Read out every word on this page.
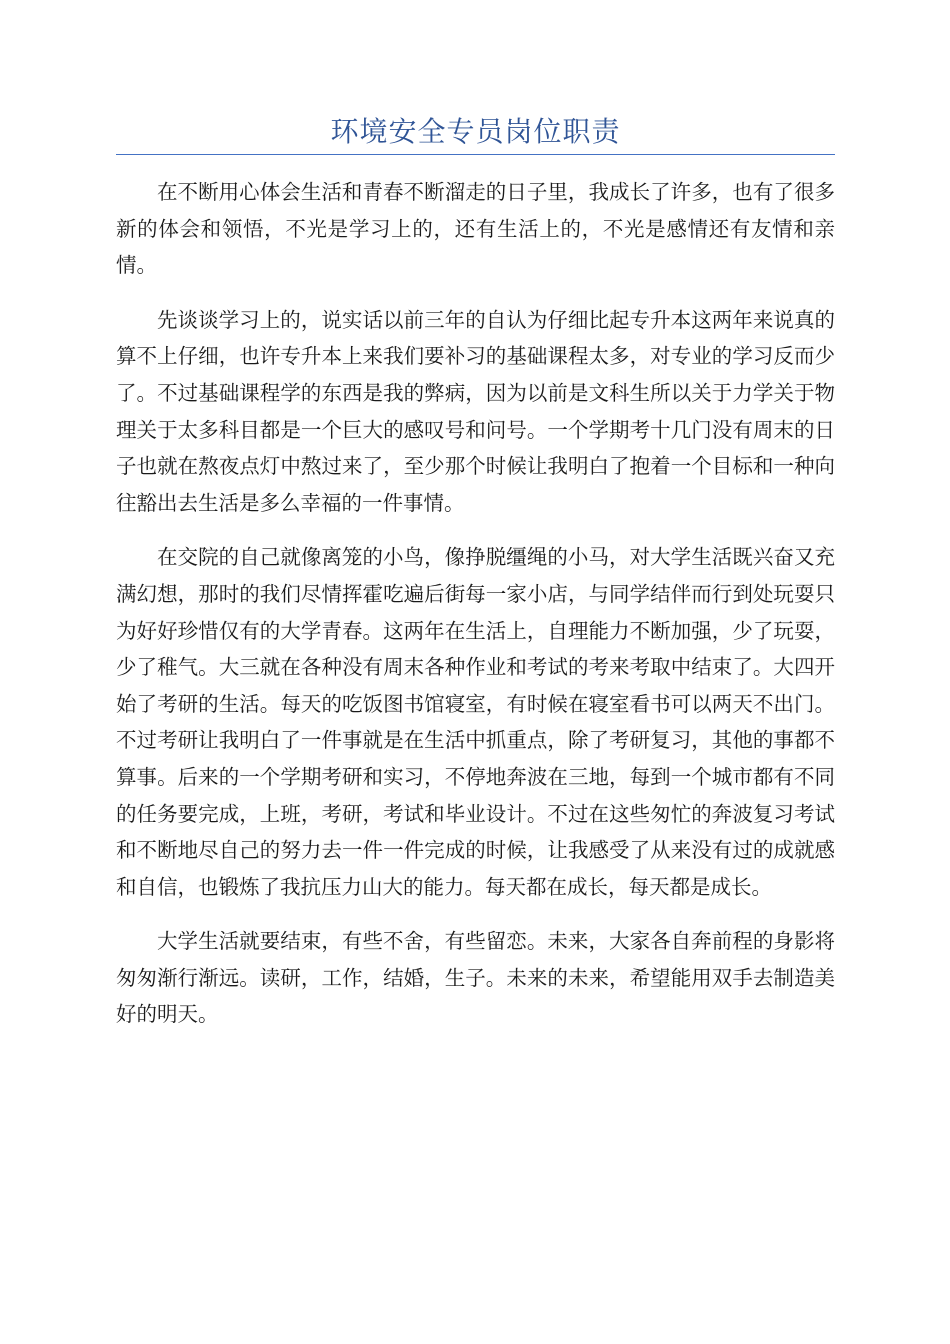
环境安全专员岗位职责

在不断用心体会生活和青春不断溜走的日子里，我成长了许多，也有了很多新的体会和领悟，不光是学习上的，还有生活上的，不光是感情还有友情和亲情。

先谈谈学习上的，说实话以前三年的自认为仔细比起专升本这两年来说真的算不上仔细，也许专升本上来我们要补习的基础课程太多，对专业的学习反而少了。不过基础课程学的东西是我的弊病，因为以前是文科生所以关于力学关于物理关于太多科目都是一个巨大的感叹号和问号。一个学期考十几门没有周末的日子也就在熬夜点灯中熬过来了，至少那个时候让我明白了抱着一个目标和一种向往豁出去生活是多么幸福的一件事情。

在交院的自己就像离笼的小鸟，像挣脱缰绳的小马，对大学生活既兴奋又充满幻想，那时的我们尽情挥霍吃遍后街每一家小店，与同学结伴而行到处玩耍只为好好珍惜仅有的大学青春。这两年在生活上，自理能力不断加强，少了玩耍，少了稚气。大三就在各种没有周末各种作业和考试的考来考取中结束了。大四开始了考研的生活。每天的吃饭图书馆寝室，有时候在寝室看书可以两天不出门。不过考研让我明白了一件事就是在生活中抓重点，除了考研复习，其他的事都不算事。后来的一个学期考研和实习，不停地奔波在三地，每到一个城市都有不同的任务要完成，上班，考研，考试和毕业设计。不过在这些匆忙的奔波复习考试和不断地尽自己的努力去一件一件完成的时候，让我感受了从来没有过的成就感和自信，也锻炼了我抗压力山大的能力。每天都在成长，每天都是成长。

大学生活就要结束，有些不舍，有些留恋。未来，大家各自奔前程的身影将匆匆渐行渐远。读研，工作，结婚，生子。未来的未来，希望能用双手去制造美好的明天。
